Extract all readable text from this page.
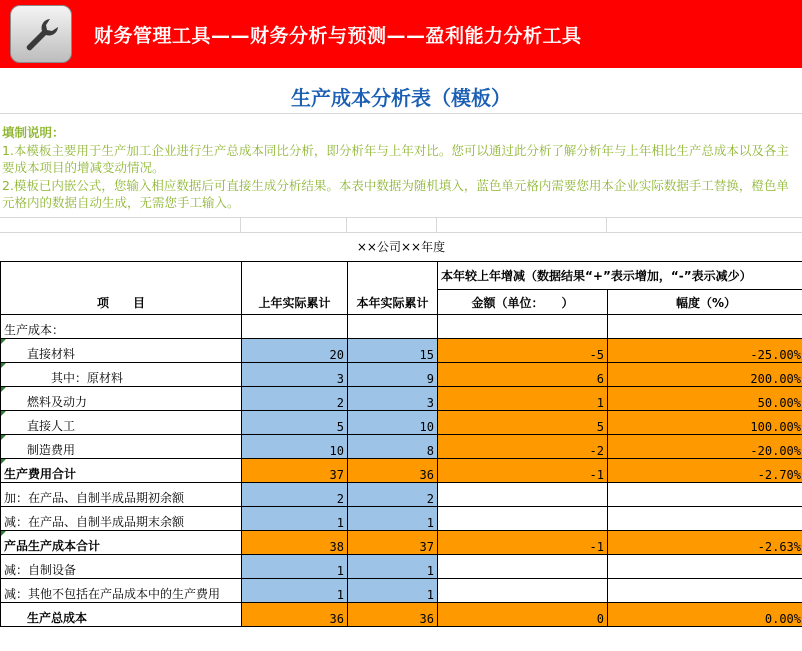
财务管理工具——财务分析与预测——盈利能力分析工具
生产成本分析表（模板）
填制说明：
1.本模板主要用于生产加工企业进行生产总成本同比分析，即分析年与上年对比。您可以通过此分析了解分析年与上年相比生产总成本以及各主要成本项目的增减变动情况。
2.模板已内嵌公式，您输入相应数据后可直接生成分析结果。本表中数据为随机填入，蓝色单元格内需要您用本企业实际数据手工替换，橙色单元格内的数据自动生成，无需您手工输入。
××公司××年度
项　　目	上年实际累计	本年实际累计	本年较上年增减（数据结果“+”表示增加，“-”表示减少）	
			金额（单位：　　）	幅度（%）
生产成本：				
直接材料	20	15	-5	-25.00%
其中：原材料	3	9	6	200.00%
燃料及动力	2	3	1	50.00%
直接人工	5	10	5	100.00%
制造费用	10	8	-2	-20.00%
生产费用合计	37	36	-1	-2.70%
加：在产品、自制半成品期初余额	2	2		
减：在产品、自制半成品期末余额	1	1		
产品生产成本合计	38	37	-1	-2.63%
减：自制设备	1	1		
减：其他不包括在产品成本中的生产费用	1	1		
生产总成本	36	36	0	0.00%
